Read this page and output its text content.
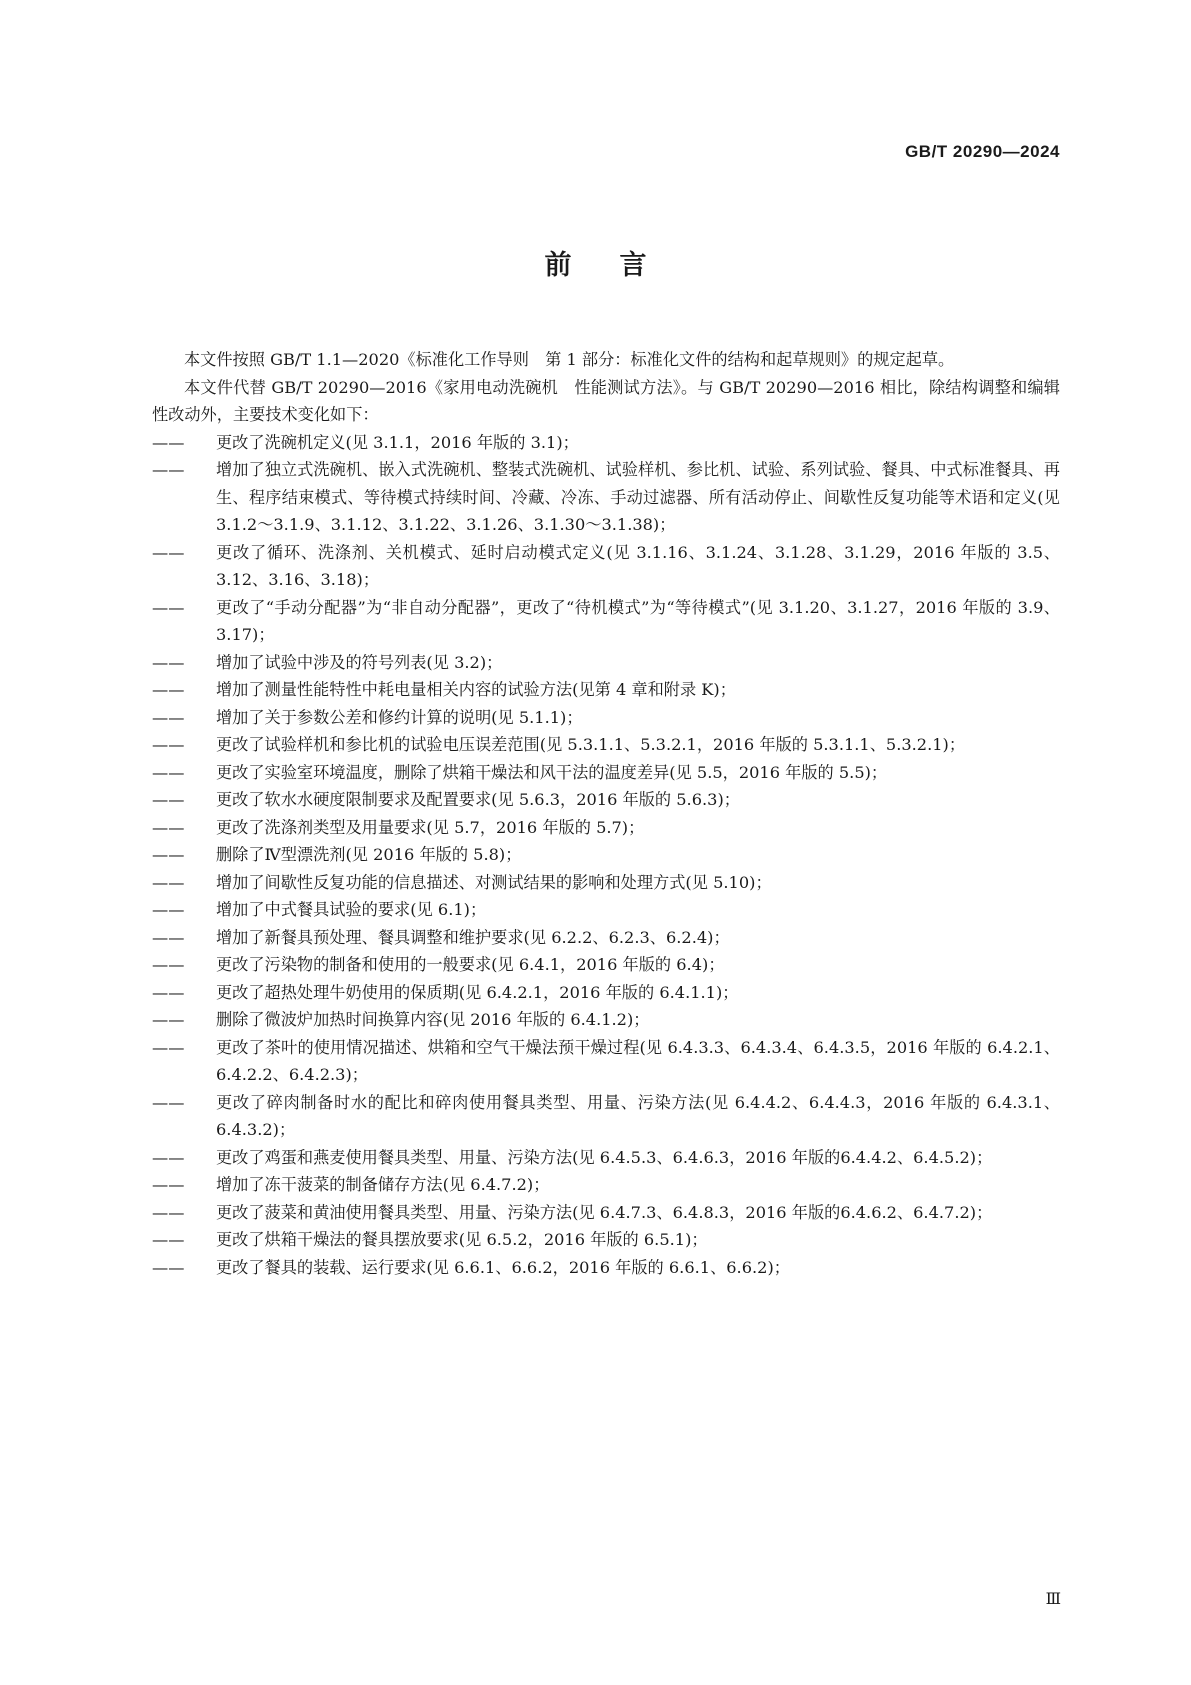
GB/T 20290—2024
前言

本文件按照 GB/T 1.1—2020《标准化工作导则　第 1 部分：标准化文件的结构和起草规则》的规定起草。

本文件代替 GB/T 20290—2016《家用电动洗碗机　性能测试方法》。与 GB/T 20290—2016 相比，除结构调整和编辑性改动外，主要技术变化如下：

—— 更改了洗碗机定义(见 3.1.1，2016 年版的 3.1)；
—— 增加了独立式洗碗机、嵌入式洗碗机、整装式洗碗机、试验样机、参比机、试验、系列试验、餐具、中式标准餐具、再生、程序结束模式、等待模式持续时间、冷藏、冷冻、手动过滤器、所有活动停止、间歇性反复功能等术语和定义(见 3.1.2～3.1.9、3.1.12、3.1.22、3.1.26、3.1.30～3.1.38)；
—— 更改了循环、洗涤剂、关机模式、延时启动模式定义(见 3.1.16、3.1.24、3.1.28、3.1.29，2016 年版的 3.5、3.12、3.16、3.18)；
—— 更改了“手动分配器”为“非自动分配器”，更改了“待机模式”为“等待模式”(见 3.1.20、3.1.27，2016 年版的 3.9、3.17)；
—— 增加了试验中涉及的符号列表(见 3.2)；
—— 增加了测量性能特性中耗电量相关内容的试验方法(见第 4 章和附录 K)；
—— 增加了关于参数公差和修约计算的说明(见 5.1.1)；
—— 更改了试验样机和参比机的试验电压误差范围(见 5.3.1.1、5.3.2.1，2016 年版的 5.3.1.1、5.3.2.1)；
—— 更改了实验室环境温度，删除了烘箱干燥法和风干法的温度差异(见 5.5，2016 年版的 5.5)；
—— 更改了软水水硬度限制要求及配置要求(见 5.6.3，2016 年版的 5.6.3)；
—— 更改了洗涤剂类型及用量要求(见 5.7，2016 年版的 5.7)；
—— 删除了Ⅳ型漂洗剂(见 2016 年版的 5.8)；
—— 增加了间歇性反复功能的信息描述、对测试结果的影响和处理方式(见 5.10)；
—— 增加了中式餐具试验的要求(见 6.1)；
—— 增加了新餐具预处理、餐具调整和维护要求(见 6.2.2、6.2.3、6.2.4)；
—— 更改了污染物的制备和使用的一般要求(见 6.4.1，2016 年版的 6.4)；
—— 更改了超热处理牛奶使用的保质期(见 6.4.2.1，2016 年版的 6.4.1.1)；
—— 删除了微波炉加热时间换算内容(见 2016 年版的 6.4.1.2)；
—— 更改了茶叶的使用情况描述、烘箱和空气干燥法预干燥过程(见 6.4.3.3、6.4.3.4、6.4.3.5，2016 年版的 6.4.2.1、6.4.2.2、6.4.2.3)；
—— 更改了碎肉制备时水的配比和碎肉使用餐具类型、用量、污染方法(见 6.4.4.2、6.4.4.3，2016 年版的 6.4.3.1、6.4.3.2)；
—— 更改了鸡蛋和燕麦使用餐具类型、用量、污染方法(见 6.4.5.3、6.4.6.3，2016 年版的6.4.4.2、6.4.5.2)；
—— 增加了冻干菠菜的制备储存方法(见 6.4.7.2)；
—— 更改了菠菜和黄油使用餐具类型、用量、污染方法(见 6.4.7.3、6.4.8.3，2016 年版的6.4.6.2、6.4.7.2)；
—— 更改了烘箱干燥法的餐具摆放要求(见 6.5.2，2016 年版的 6.5.1)；
—— 更改了餐具的装载、运行要求(见 6.6.1、6.6.2，2016 年版的 6.6.1、6.6.2)；
Ⅲ
